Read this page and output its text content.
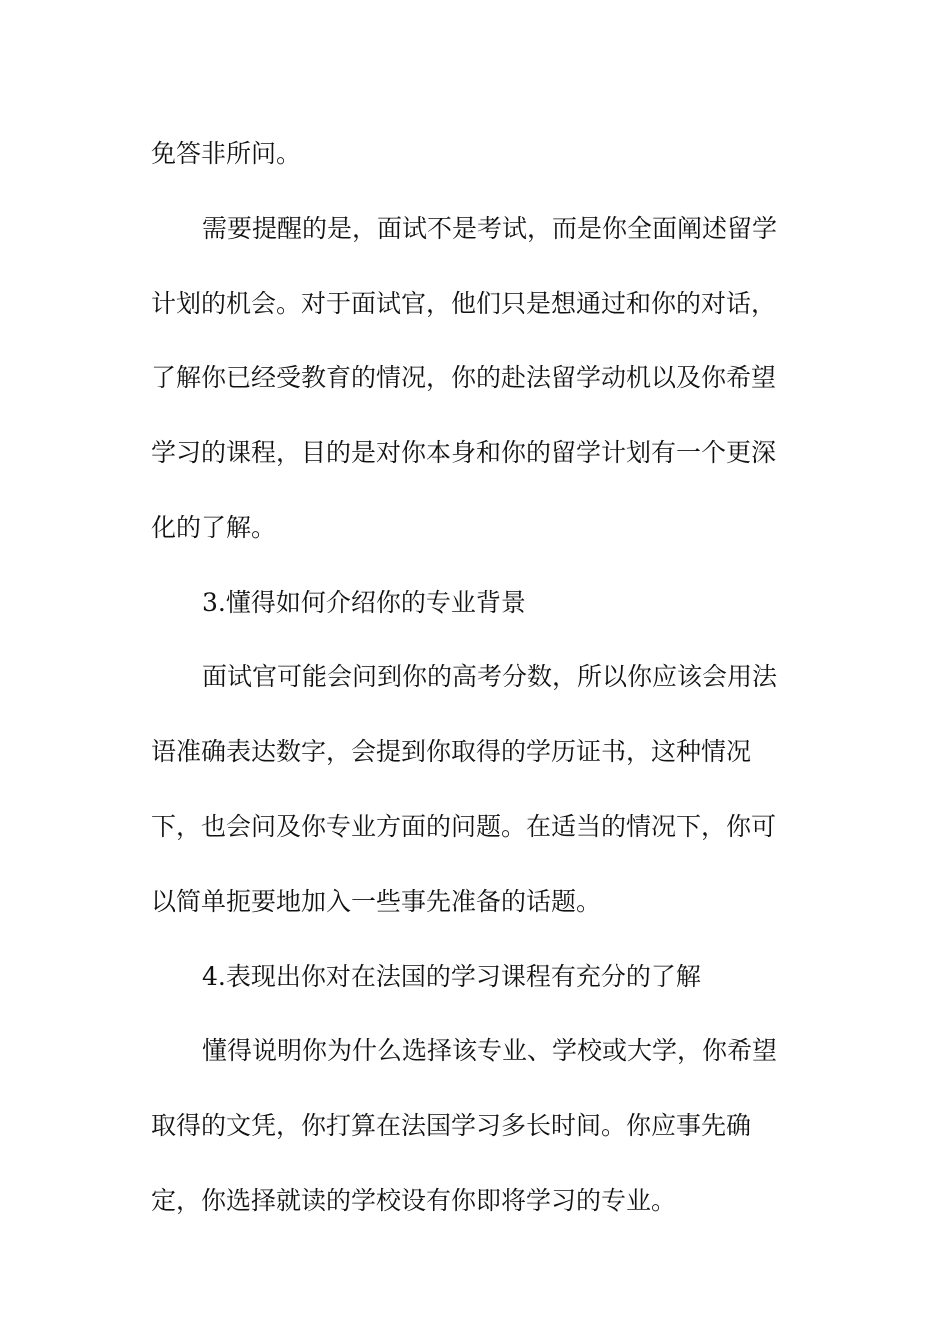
免答非所问。
需要提醒的是，面试不是考试，而是你全面阐述留学
计划的机会。对于面试官，他们只是想通过和你的对话，
了解你已经受教育的情况，你的赴法留学动机以及你希望
学习的课程，目的是对你本身和你的留学计划有一个更深
化的了解。
3.懂得如何介绍你的专业背景
面试官可能会问到你的高考分数，所以你应该会用法
语准确表达数字，会提到你取得的学历证书，这种情况
下，也会问及你专业方面的问题。在适当的情况下，你可
以简单扼要地加入一些事先准备的话题。
4.表现出你对在法国的学习课程有充分的了解
懂得说明你为什么选择该专业、学校或大学，你希望
取得的文凭，你打算在法国学习多长时间。你应事先确
定，你选择就读的学校设有你即将学习的专业。
